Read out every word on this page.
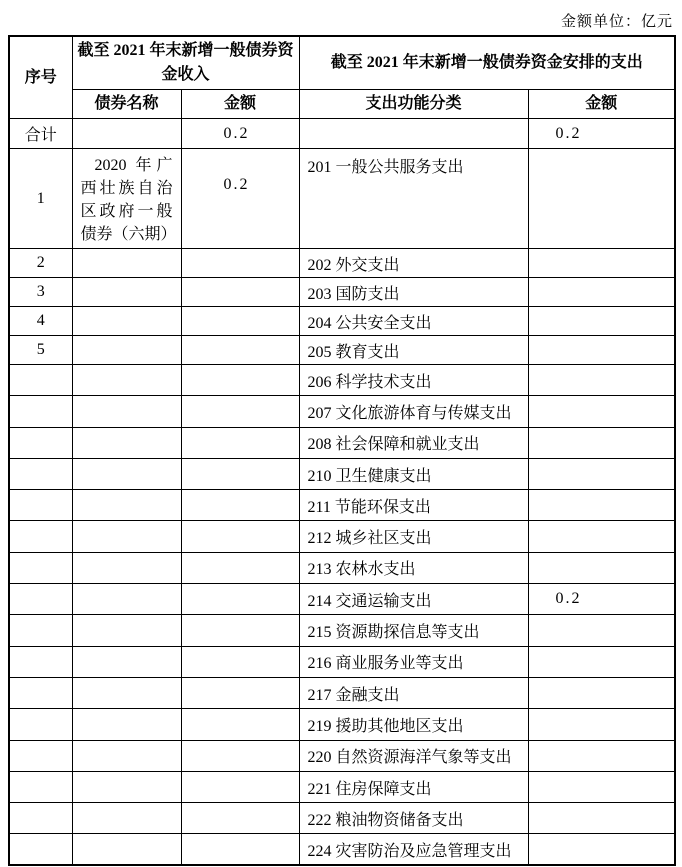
金额单位：亿元
序号	截至 2021 年末新增一般债券资金收入		截至 2021 年末新增一般债券资金安排的支出	
	债券名称	金额	支出功能分类	金额
合计		0.2		0.2
1	2020 年广西壮族自治区政府一般债券（六期）	0.2	201 一般公共服务支出	
2			202 外交支出	
3			203 国防支出	
4			204 公共安全支出	
5			205 教育支出	
			206 科学技术支出	
			207 文化旅游体育与传媒支出	
			208 社会保障和就业支出	
			210 卫生健康支出	
			211 节能环保支出	
			212 城乡社区支出	
			213 农林水支出	
			214 交通运输支出	0.2
			215 资源勘探信息等支出	
			216 商业服务业等支出	
			217 金融支出	
			219 援助其他地区支出	
			220 自然资源海洋气象等支出	
			221 住房保障支出	
			222 粮油物资储备支出	
			224 灾害防治及应急管理支出	
